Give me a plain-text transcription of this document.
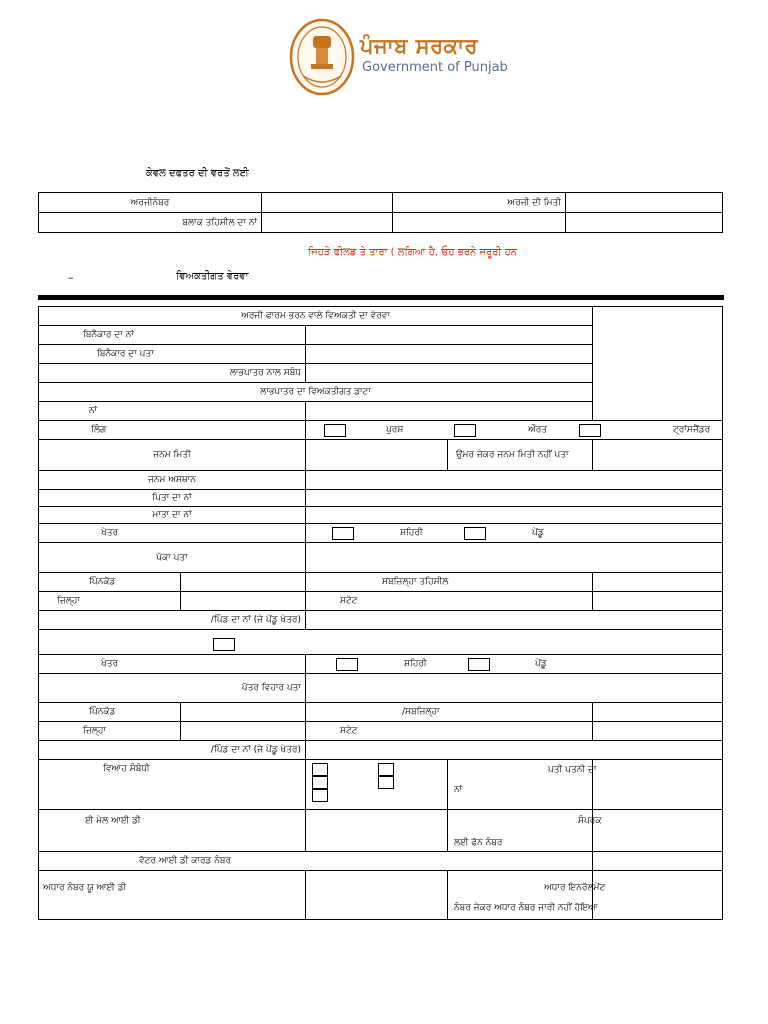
ਪੰਜਾਬ ਸਰਕਾਰ
Government of Punjab
ਕੇਵਲ ਦਫਤਰ ਦੀ ਵਰਤੋਂ ਲਈ
ਅਰਜੀਨੰਬਰ		ਅਰਜੀ ਦੀ ਮਿਤੀ	
ਬਲਾਕ ਤਹਿਸੀਲ ਦਾ ਨਾਂ			
ਜਿਹੜੇ ਫੀਲਡ ਤੇ ਤਾਰਾ ( ਲਗਿਆ ਹੈ, ਓਹ ਭਰਨੇ ਜਰੂਰੀ ਹਨ
–	ਵਿਅਕਤੀਗਤ ਵੇਰਵਾ
ਅਰਜੀ ਫਾਰਮ ਭਰਨ ਵਾਲੇ ਵਿਅਕਤੀ ਦਾ ਵੇਰਵਾ				
ਬਿਨੈਕਾਰ ਦਾ ਨਾਂ				
ਬਿਨੈਕਾਰ ਦਾ ਪਤਾ				
ਲਾਭਪਾਤਰ ਨਾਲ ਸਬੰਧ				
ਲਾਭਪਾਤਰ ਦਾ ਵਿਅਕਤੀਗਤ ਡਾਟਾ				
ਨਾਂ				
ਲਿੰਗ		ਪੁਰਸ਼ ਔਰਤ ਟ੍ਰਾਂਸਜੈਂਡਰ		

ਜਨਮ ਮਿਤੀ			ਉਮਰ ਜੇਕਰ ਜਨਮ ਮਿਤੀ ਨਹੀਂ ਪਤਾ	
ਜਨਮ ਅਸਥਾਨ				
ਪਿਤਾ ਦਾ ਨਾਂ				
ਮਾਤਾ ਦਾ ਨਾਂ				
ਖੇਤਰ		ਸ਼ਹਿਰੀ ਪੇਂਡੂ		

ਪੱਕਾ ਪਤਾ				
ਪਿੰਨਕੋਡ		ਸਬਜ਼ਿਲ੍ਹਾ ਤਹਿਸੀਲ		
ਜ਼ਿਲ੍ਹਾ		ਸਟੇਟ		
/ਪਿੰਡ ਦਾ ਨਾਂ (ਜੇ ਪੇਂਡੂ ਖੇਤਰ)				

ਖੇਤਰ		ਸ਼ਹਿਰੀ ਪੇਂਡੂ		

ਪੱਤਰ ਵਿਹਾਰ ਪਤਾ				
ਪਿੰਨਕੋਡ		/ਸਬਜ਼ਿਲ੍ਹਾ		
ਜ਼ਿਲ੍ਹਾ		ਸਟੇਟ		
/ਪਿੰਡ ਦਾ ਨਾਂ (ਜੇ ਪੇਂਡੂ ਖੇਤਰ)				

ਵਿਆਹ ਸੰਬੰਧੀ			ਪਤੀ ਪਤਨੀ ਦਾ
ਨਾਂ	

ਈ ਮੇਲ ਆਈ ਡੀ			ਸੰਪਰਕ
ਲਈ ਫੋਨ ਨੰਬਰ	

ਵੋਟਰ ਆਈ ਡੀ ਕਾਰਡ ਨੰਬਰ				

ਅਧਾਰ ਨੰਬਰ ਯੂ ਆਈ ਡੀ			ਅਧਾਰ ਇਨਰੋਲਮੇਂਟ
ਨੰਬਰ ਜੇਕਰ ਅਧਾਰ ਨੰਬਰ ਜਾਰੀ ਨਹੀਂ ਹੋਇਆ	
